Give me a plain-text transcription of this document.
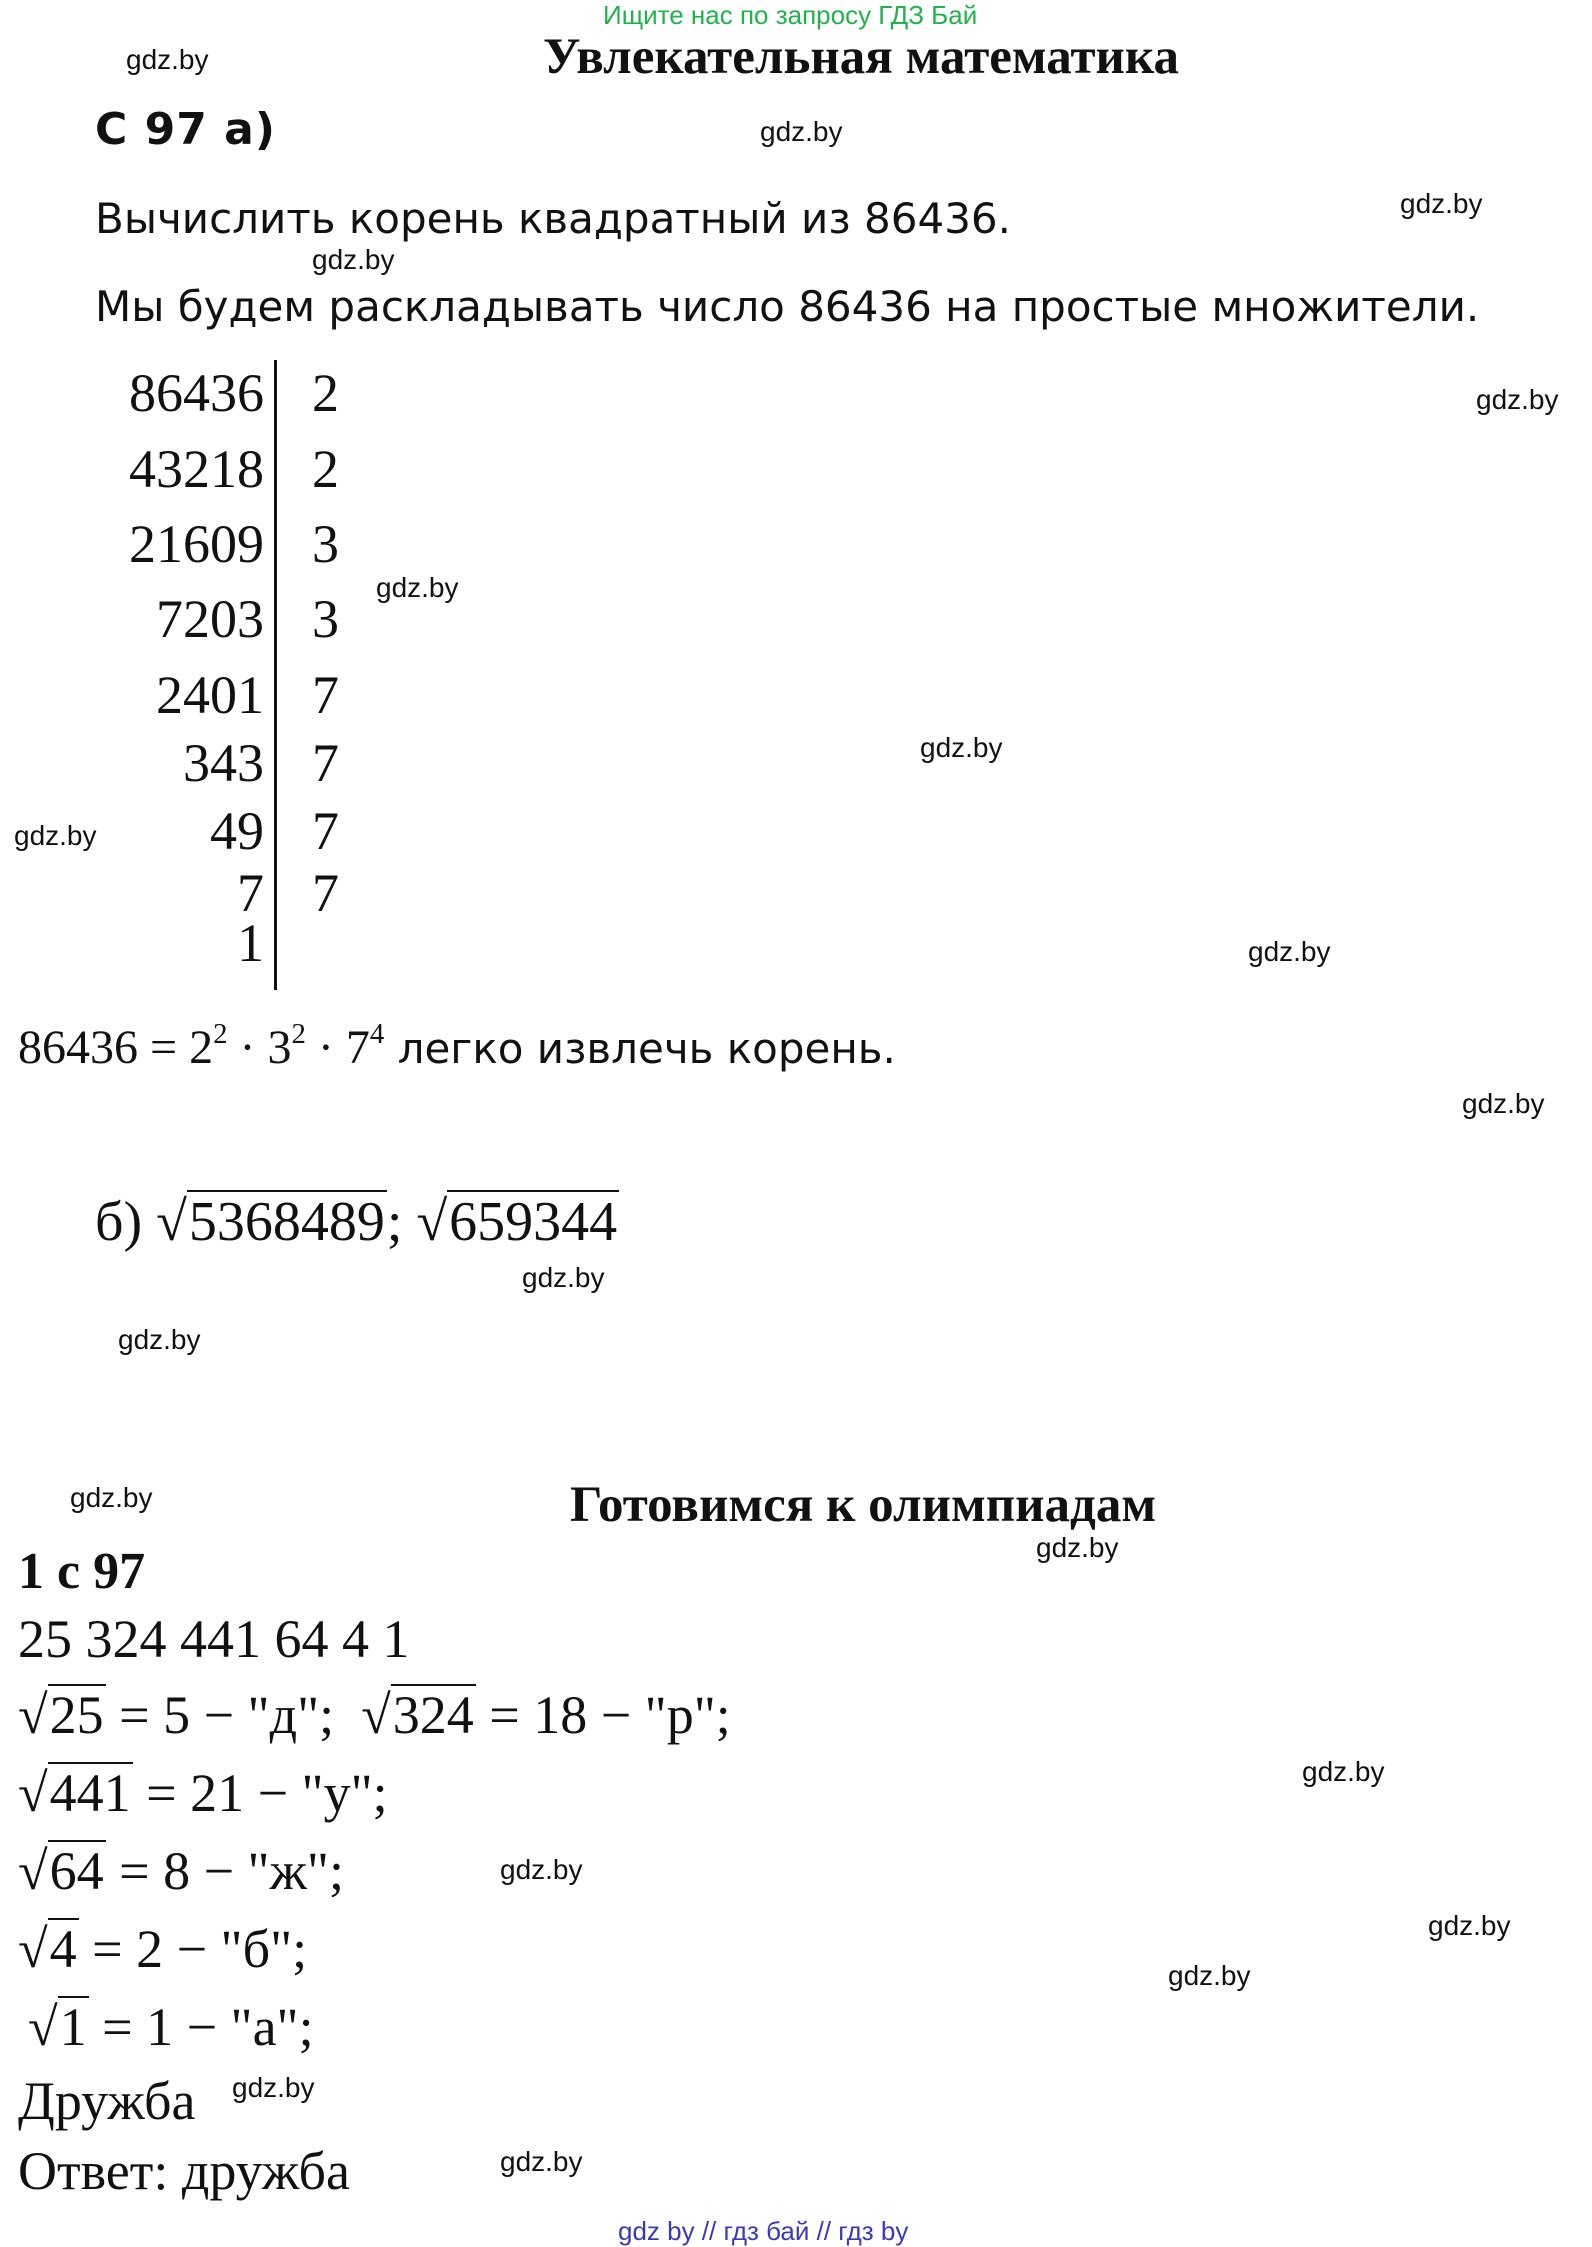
Ищите нас по запросу ГДЗ Бай
Увлекательная математика
С 97 а)
Вычислить корень квадратный из 86436.
Мы будем раскладывать число 86436 на простые множители.
86436 2
43218 2
21609 3
7203 3
2401 7
343 7
49 7
7 7
1
$86436 = 2^2 \cdot 3^2 \cdot 7^4$ легко извлечь корень.
б) √5368489; √659344
Готовимся к олимпиадам
1 с 97
25 324 441 64 4 1
√25 = 5 − "д"; √324 = 18 − "р";
√441 = 21 − "у";
√64 = 8 − "ж";
√4 = 2 − "б";
√1 = 1 − "а";
Дружба
Ответ: дружба
gdz.by
gdz.by
gdz.by
gdz.by
gdz.by
gdz.by
gdz.by
gdz.by
gdz.by
gdz.by
gdz.by
gdz.by
gdz.by
gdz.by
gdz.by
gdz.by
gdz.by
gdz.by
gdz.by
gdz.by
gdz by // гдз бай // гдз by
